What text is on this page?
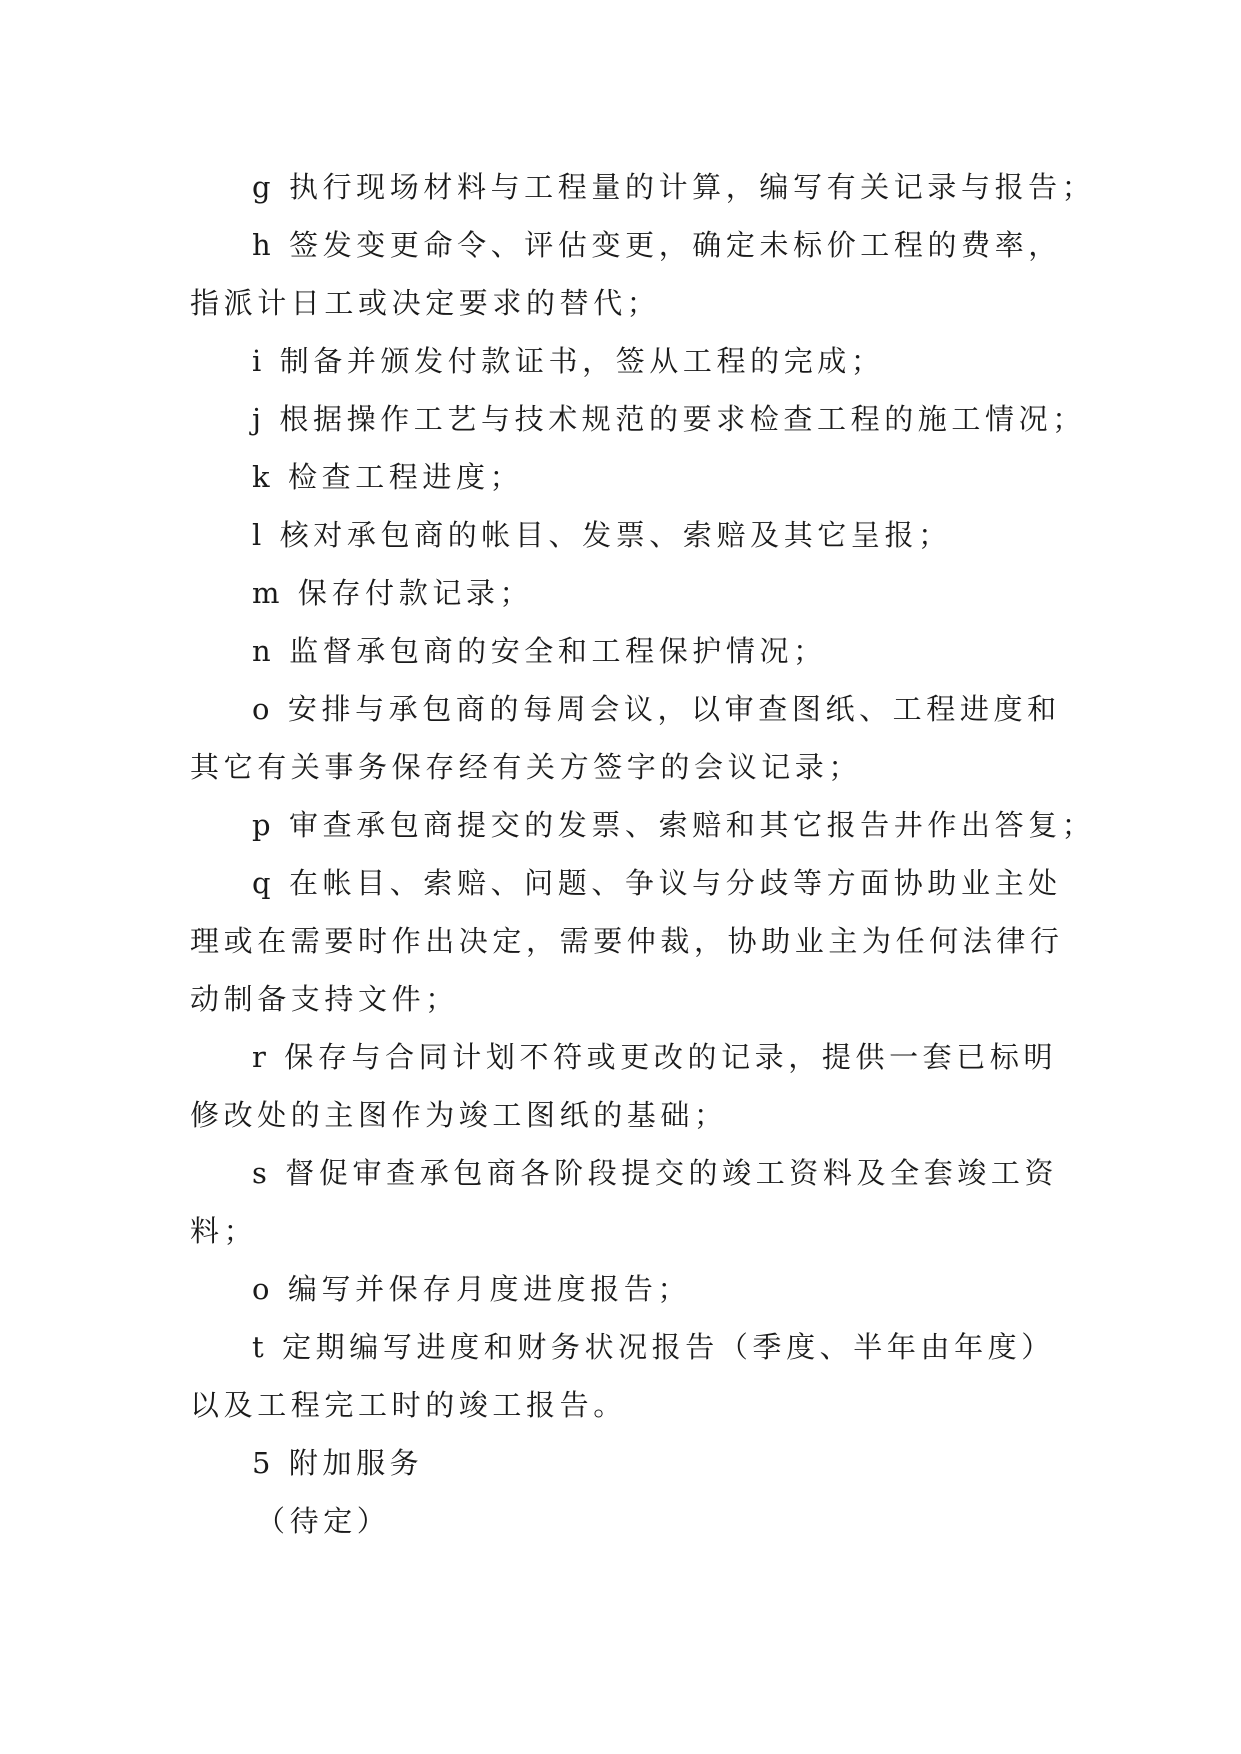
g 执行现场材料与工程量的计算，编写有关记录与报告；

h 签发变更命令、评估变更，确定未标价工程的费率，

指派计日工或决定要求的替代；

i 制备并颁发付款证书，签从工程的完成；

j 根据操作工艺与技术规范的要求检查工程的施工情况；

k 检查工程进度；

l 核对承包商的帐目、发票、索赔及其它呈报；

m 保存付款记录；

n 监督承包商的安全和工程保护情况；

o 安排与承包商的每周会议，以审查图纸、工程进度和

其它有关事务保存经有关方签字的会议记录；

p 审查承包商提交的发票、索赔和其它报告井作出答复；

q 在帐目、索赔、问题、争议与分歧等方面协助业主处

理或在需要时作出决定，需要仲裁，协助业主为任何法律行

动制备支持文件；

r 保存与合同计划不符或更改的记录，提供一套已标明

修改处的主图作为竣工图纸的基础；

s 督促审查承包商各阶段提交的竣工资料及全套竣工资

料；

o 编写并保存月度进度报告；

t 定期编写进度和财务状况报告（季度、半年由年度）

以及工程完工时的竣工报告。

5 附加服务

（待定）
